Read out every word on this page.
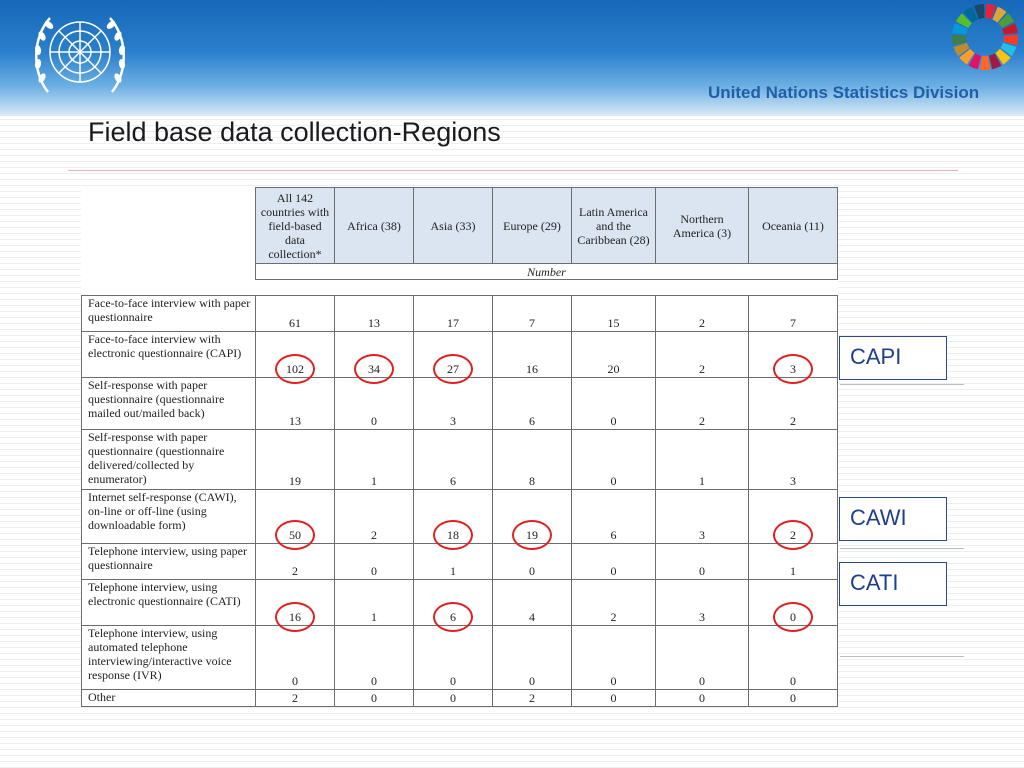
United Nations Statistics Division
Field base data collection-Regions
	All 142 countries with field-based data collection*	Africa (38)	Asia (33)	Europe (29)	Latin America and the Caribbean (28)	Northern America (3)	Oceania (11)
	Number						

Face-to-face interview with paper questionnaire	61	13	17	7	15	2	7
Face-to-face interview with electronic questionnaire (CAPI)	102	34	27	16	20	2	3
Self-response with paper questionnaire (questionnaire mailed out/mailed back)	13	0	3	6	0	2	2
Self-response with paper questionnaire (questionnaire delivered/collected by enumerator)	19	1	6	8	0	1	3
Internet self-response (CAWI), on-line or off-line (using downloadable form)	50	2	18	19	6	3	2
Telephone interview, using paper questionnaire	2	0	1	0	0	0	1
Telephone interview, using electronic questionnaire (CATI)	16	1	6	4	2	3	0
Telephone interview, using automated telephone interviewing/interactive voice response (IVR)	0	0	0	0	0	0	0
Other	2	0	0	2	0	0	0
CAPI
CAWI
CATI
